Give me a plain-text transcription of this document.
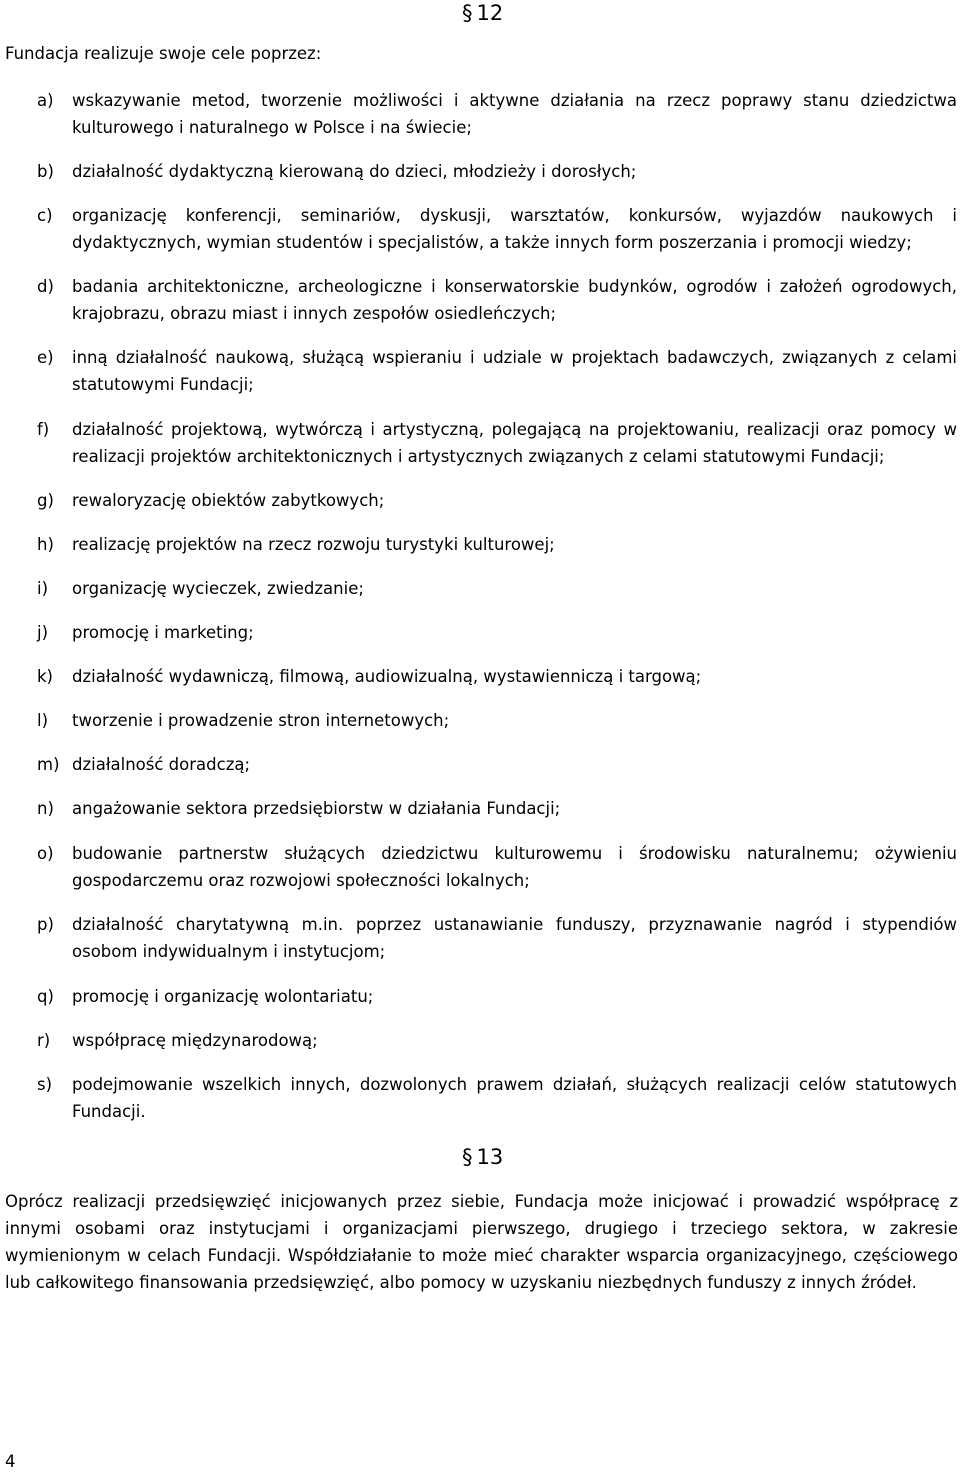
§ 12
Fundacja realizuje swoje cele poprzez:
a) wskazywanie metod, tworzenie możliwości i aktywne działania na rzecz poprawy stanu dziedzictwa kulturowego i naturalnego w Polsce i na świecie;
b) działalność dydaktyczną kierowaną do dzieci, młodzieży i dorosłych;
c) organizację konferencji, seminariów, dyskusji, warsztatów, konkursów, wyjazdów naukowych i dydaktycznych, wymian studentów i specjalistów, a także innych form poszerzania i promocji wiedzy;
d) badania architektoniczne, archeologiczne i konserwatorskie budynków, ogrodów i założeń ogrodowych, krajobrazu, obrazu miast i innych zespołów osiedleńczych;
e) inną działalność naukową, służącą wspieraniu i udziale w projektach badawczych, związanych z celami statutowymi Fundacji;
f) działalność projektową, wytwórczą i artystyczną, polegającą na projektowaniu, realizacji oraz pomocy w realizacji projektów architektonicznych i artystycznych związanych z celami statutowymi Fundacji;
g) rewaloryzację obiektów zabytkowych;
h) realizację projektów na rzecz rozwoju turystyki kulturowej;
i) organizację wycieczek, zwiedzanie;
j) promocję i marketing;
k) działalność wydawniczą, filmową, audiowizualną, wystawienniczą i targową;
l) tworzenie i prowadzenie stron internetowych;
m) działalność doradczą;
n) angażowanie sektora przedsiębiorstw w działania Fundacji;
o) budowanie partnerstw służących dziedzictwu kulturowemu i środowisku naturalnemu; ożywieniu gospodarczemu oraz rozwojowi społeczności lokalnych;
p) działalność charytatywną m.in. poprzez ustanawianie funduszy, przyznawanie nagród i stypendiów osobom indywidualnym i instytucjom;
q) promocję i organizację wolontariatu;
r) współpracę międzynarodową;
s) podejmowanie wszelkich innych, dozwolonych prawem działań, służących realizacji celów statutowych Fundacji.
§ 13
Oprócz realizacji przedsięwzięć inicjowanych przez siebie, Fundacja może inicjować i prowadzić współpracę z innymi osobami oraz instytucjami i organizacjami pierwszego, drugiego i trzeciego sektora, w zakresie wymienionym w celach Fundacji. Współdziałanie to może mieć charakter wsparcia organizacyjnego, częściowego lub całkowitego finansowania przedsięwzięć, albo pomocy w uzyskaniu niezbędnych funduszy z innych źródeł.
4
